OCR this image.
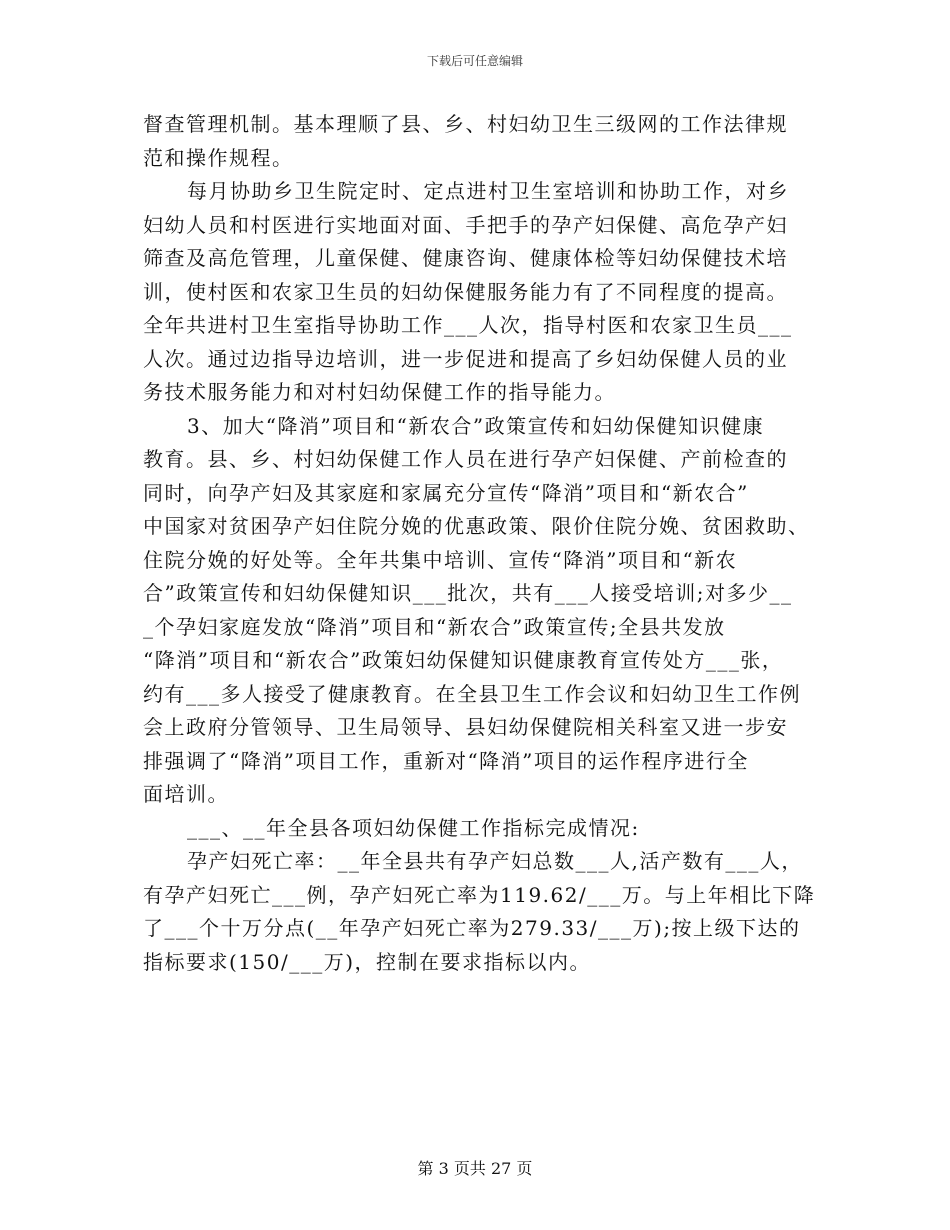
下载后可任意编辑
督查管理机制。基本理顺了县、乡、村妇幼卫生三级网的工作法律规
范和操作规程。
每月协助乡卫生院定时、定点进村卫生室培训和协助工作，对乡
妇幼人员和村医进行实地面对面、手把手的孕产妇保健、高危孕产妇
筛查及高危管理，儿童保健、健康咨询、健康体检等妇幼保健技术培
训，使村医和农家卫生员的妇幼保健服务能力有了不同程度的提高。
全年共进村卫生室指导协助工作___人次，指导村医和农家卫生员___
人次。通过边指导边培训，进一步促进和提高了乡妇幼保健人员的业
务技术服务能力和对村妇幼保健工作的指导能力。
3、加大“降消”项目和“新农合”政策宣传和妇幼保健知识健康
教育。县、乡、村妇幼保健工作人员在进行孕产妇保健、产前检查的
同时，向孕产妇及其家庭和家属充分宣传“降消”项目和“新农合”
中国家对贫困孕产妇住院分娩的优惠政策、限价住院分娩、贫困救助、
住院分娩的好处等。全年共集中培训、宣传“降消”项目和“新农
合”政策宣传和妇幼保健知识___批次，共有___人接受培训;对多少__
_个孕妇家庭发放“降消”项目和“新农合”政策宣传;全县共发放
“降消”项目和“新农合”政策妇幼保健知识健康教育宣传处方___张，
约有___多人接受了健康教育。在全县卫生工作会议和妇幼卫生工作例
会上政府分管领导、卫生局领导、县妇幼保健院相关科室又进一步安
排强调了“降消”项目工作，重新对“降消”项目的运作程序进行全
面培训。
___、__年全县各项妇幼保健工作指标完成情况:
孕产妇死亡率：__年全县共有孕产妇总数___人,活产数有___人，
有孕产妇死亡___例，孕产妇死亡率为119.62/___万。与上年相比下降
了___个十万分点(__年孕产妇死亡率为279.33/___万);按上级下达的
指标要求(150/___万)，控制在要求指标以内。
第 3 页共 27 页
